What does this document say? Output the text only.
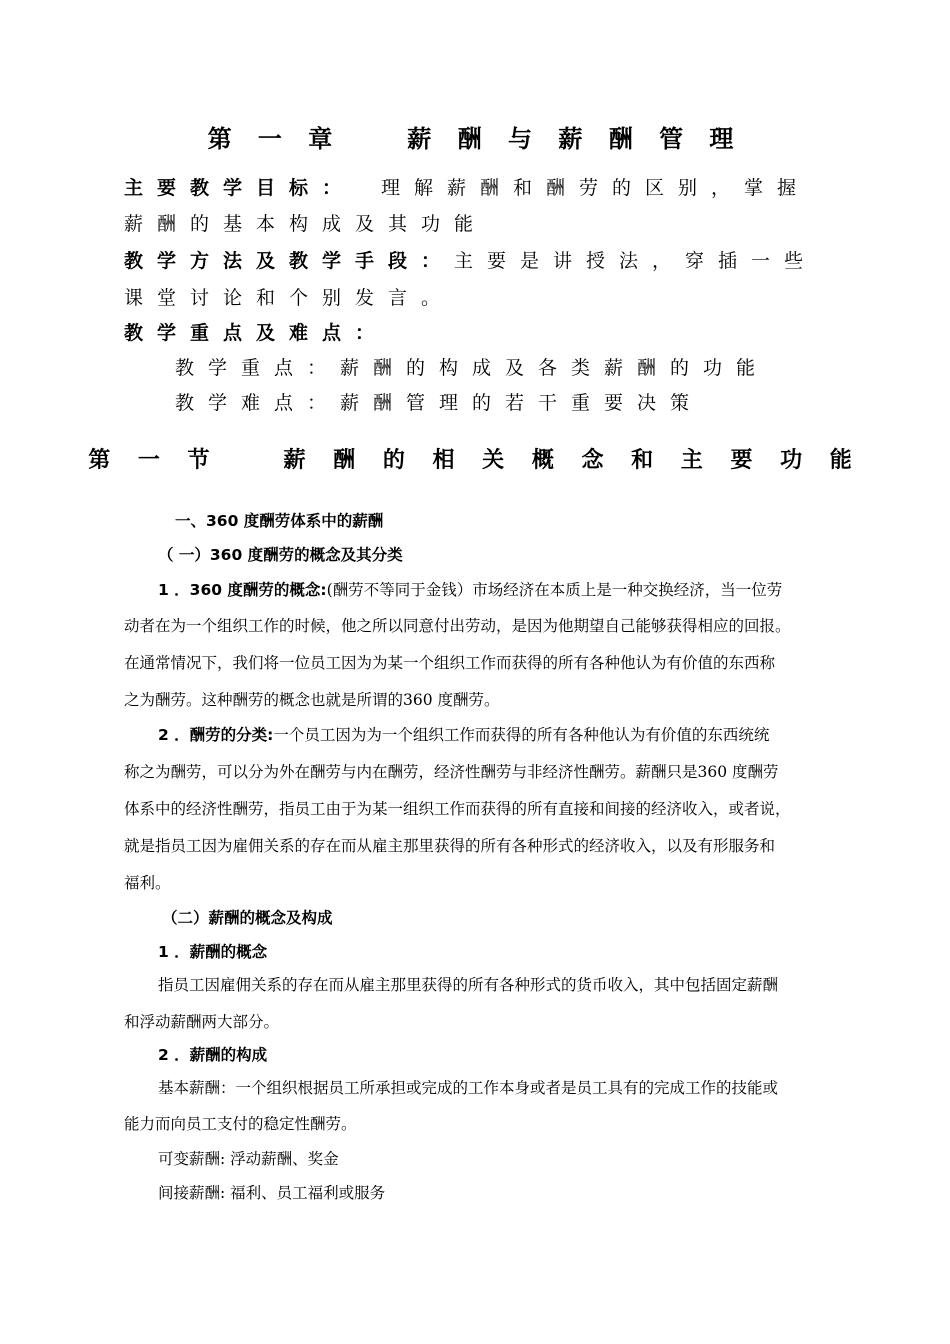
第 一 章　　薪 酬 与 薪 酬 管 理
主要教学目标： 理解薪酬和酬劳的区别，掌握
薪酬的基本构成及其功能
教学方法及教学手段：主要是讲授法，穿插一些
课堂讨论和个别发言。
教学重点及难点：
教学重点：薪酬的构成及各类薪酬的功能
教学难点：薪酬管理的若干重要决策
第 一 节　　薪 酬 的 相 关 概 念 和 主 要 功 能
一、360 度酬劳体系中的薪酬
（ 一）360 度酬劳的概念及其分类
1 ．360 度酬劳的概念:(酬劳不等同于金钱）市场经济在本质上是一种交换经济，当一位劳
动者在为一个组织工作的时候，他之所以同意付出劳动，是因为他期望自己能够获得相应的回报。
在通常情况下，我们将一位员工因为为某一个组织工作而获得的所有各种他认为有价值的东西称
之为酬劳。这种酬劳的概念也就是所谓的360 度酬劳。
2 ．酬劳的分类:一个员工因为为一个组织工作而获得的所有各种他认为有价值的东西统统
称之为酬劳，可以分为外在酬劳与内在酬劳，经济性酬劳与非经济性酬劳。薪酬只是360 度酬劳
体系中的经济性酬劳，指员工由于为某一组织工作而获得的所有直接和间接的经济收入，或者说，
就是指员工因为雇佣关系的存在而从雇主那里获得的所有各种形式的经济收入，以及有形服务和
福利。
（二）薪酬的概念及构成
1 ．薪酬的概念
指员工因雇佣关系的存在而从雇主那里获得的所有各种形式的货币收入，其中包括固定薪酬
和浮动薪酬两大部分。
2 ．薪酬的构成
基本薪酬：一个组织根据员工所承担或完成的工作本身或者是员工具有的完成工作的技能或
能力而向员工支付的稳定性酬劳。
可变薪酬: 浮动薪酬、奖金
间接薪酬: 福利、员工福利或服务
